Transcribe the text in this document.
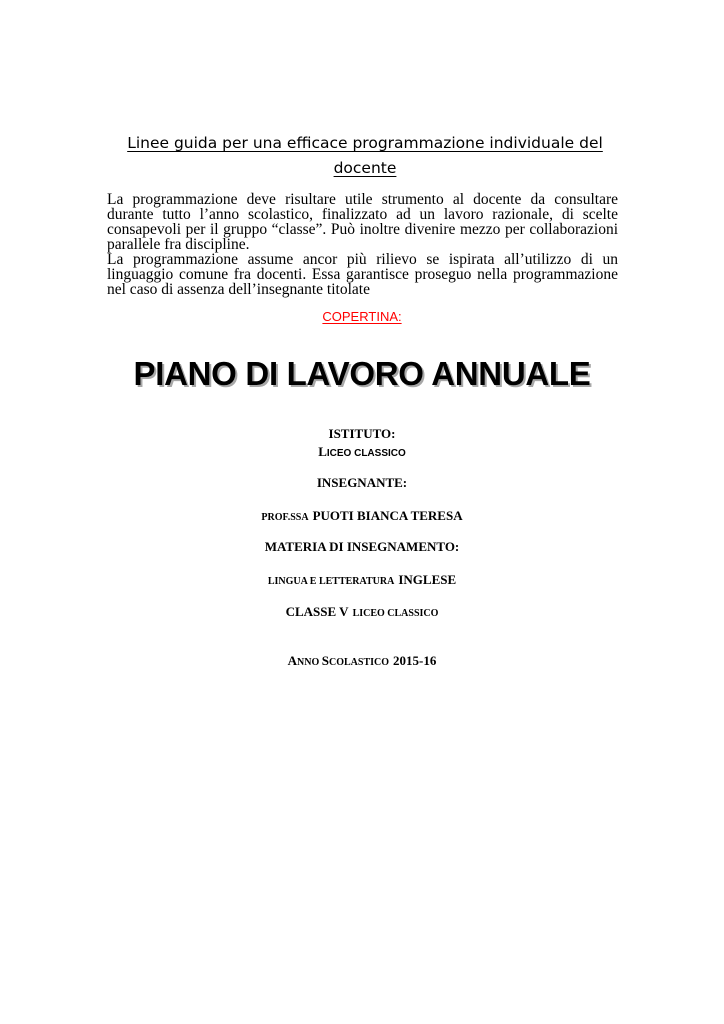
Linee guida per una efficace programmazione individuale del
docente

La programmazione deve risultare utile strumento al docente da consultare durante tutto l’anno scolastico, finalizzato ad un lavoro razionale, di scelte consapevoli per il gruppo “classe”. Può inoltre divenire mezzo per collaborazioni parallele fra discipline.

La programmazione assume ancor più rilievo se ispirata all’utilizzo di un linguaggio comune fra docenti. Essa garantisce proseguo nella programmazione nel caso di assenza dell’insegnante titolate

COPERTINA:
PIANO DI LAVORO ANNUALE
ISTITUTO:
LICEO CLASSICO
INSEGNANTE:
PROF.SSA PUOTI BIANCA TERESA
MATERIA DI INSEGNAMENTO:
LINGUA E LETTERATURA INGLESE
CLASSE V LICEO CLASSICO
ANNO SCOLASTICO 2015-16
